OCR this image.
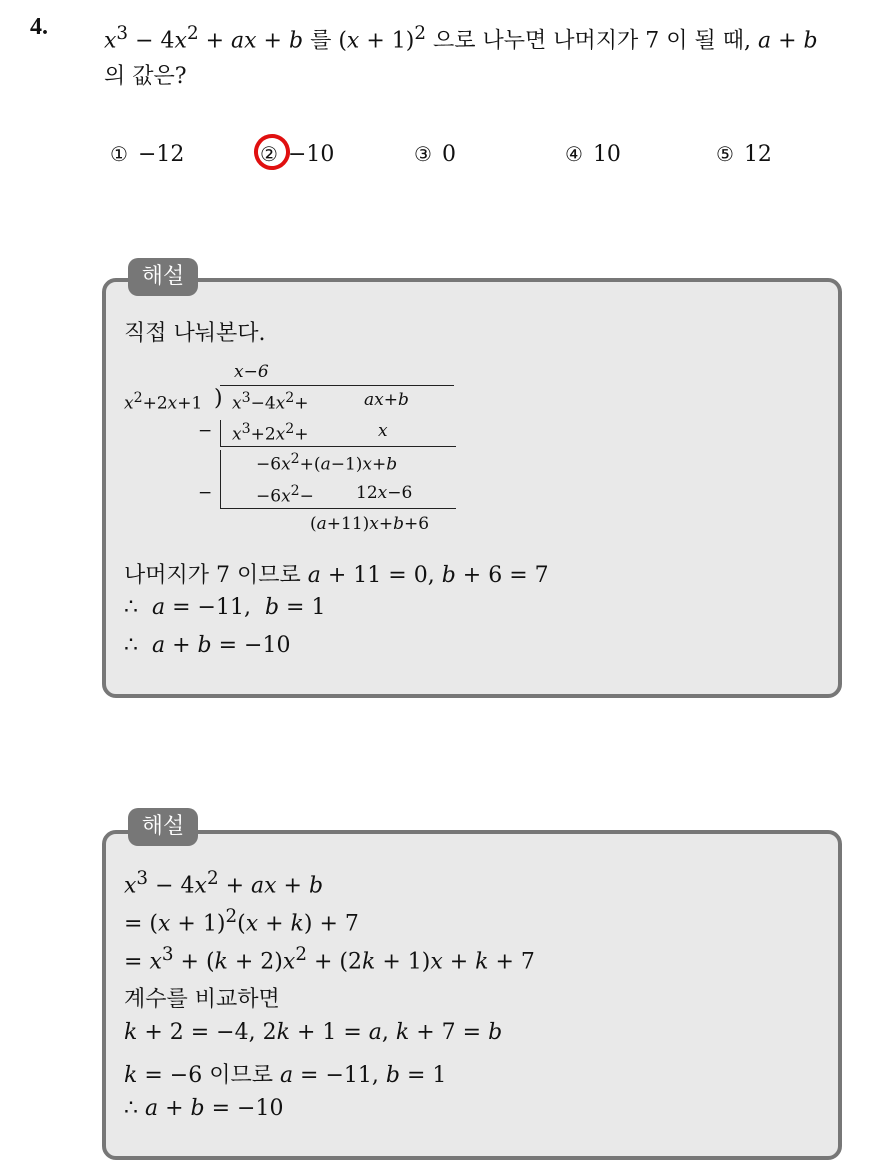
4.
$x^3 - 4x^2$ + ax + b 를 $(x + 1)^2$ 으로 나누면 나머지가 7 이 될 때, a + b
의 값은?
① −12	② −10	③ 0	④ 10	⑤ 12
해설
직접 나눠본다.
x−6
$x^2+2x+1$ ) $x^3-4x^2+$	ax+b
− $x^3+2x^2+$	x
$-6x^2+(a-1)x+b$
−	$-6x^2- 12x-6$
(a+11)x+b+6
나머지가 7 이므로 a + 11 = 0, b + 6 = 7
∴  a = −11,  b = 1
∴  a + b = −10
해설
$x^3 - 4x^2$ + ax + b
= $(x + 1)^2(x + k) + 7$
= $x^3 + (k + 2)x^2 + (2k + 1)x + k + 7$
계수를 비교하면
k + 2 = −4, 2k + 1 = a, k + 7 = b
k = −6 이므로 a = −11, b = 1
∴ a + b = −10
